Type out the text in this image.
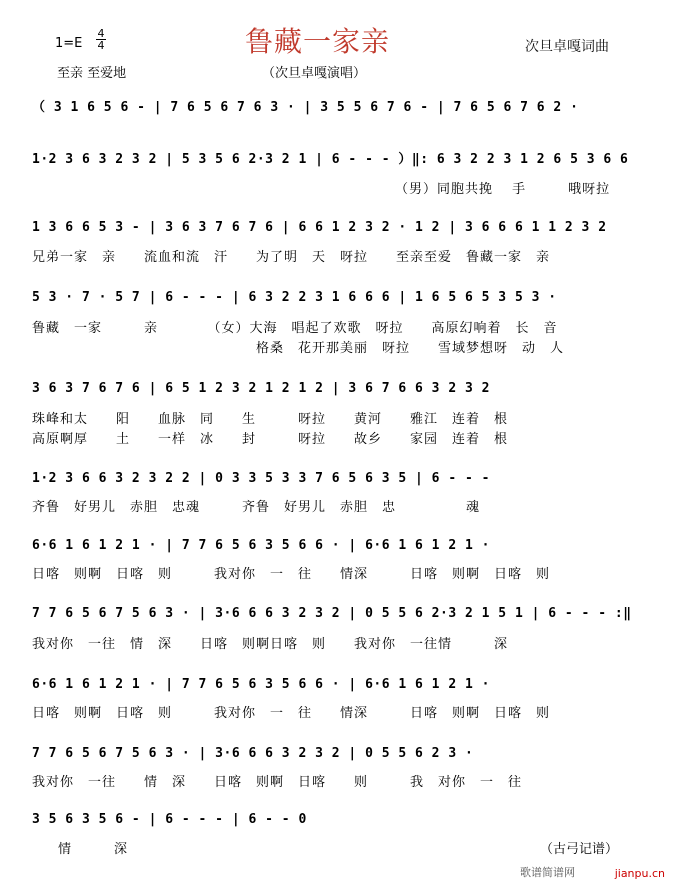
1=E
4
4	鲁藏一家亲	次旦卓嘎词曲
至亲 至爱地	（次旦卓嘎演唱）
（ 3 1 6 5 6 - | 7 6 5 6 7 6 3 · | 3 5 5 6 7 6 - | 7 6 5 6 7 6 2 ·
1·2 3 6 3 2 3 2 | 5 3 5 6 2·3 2 1 | 6 - - - ）‖: 6 3 2 2 3 1 2 6 5 3 6 6
（男）同胞共挽　 手　　　哦呀拉
1 3 6 6 5 3 - | 3 6 3 7 6 7 6 | 6 6 1 2 3 2 · 1 2 | 3 6 6 6 1 1 2 3 2
兄弟一家　亲　　流血和流　汗　　为了明　天　呀拉　　至亲至爱　鲁藏一家　亲
5 3 · 7 · 5 7 | 6 - - - | 6 3 2 2 3 1 6 6 6 | 1 6 5 6 5 3 5 3 ·
鲁藏　一家　　　亲　　　　（女）大海　唱起了欢歌　呀拉　　高原幻响着　长　音
　　　　　　　　　　　　　　　　格桑　花开那美丽　呀拉　　雪域梦想呀　动　人
3 6 3 7 6 7 6 | 6 5 1 2 3 2 1 2 1 2 | 3 6 7 6 6 3 2 3 2
珠峰和太　　阳　　血脉　同　　生　　　呀拉　　黄河　　雅江　连着　根
高原啊厚　　土　　一样　冰　　封　　　呀拉　　故乡　　家园　连着　根
1·2 3 6 6 3 2 3 2 2 | 0 3 3 5 3 3 7 6 5 6 3 5 | 6 - - -
齐鲁　好男儿　赤胆　忠魂　　　齐鲁　好男儿　赤胆　忠　　　　　魂
6·6 1 6 1 2 1 · | 7 7 6 5 6 3 5 6 6 · | 6·6 1 6 1 2 1 ·
日喀　则啊　日喀　则　　　我对你　一　往　　情深　　　日喀　则啊　日喀　则
7 7 6 5 6 7 5 6 3 · | 3·6 6 6 3 2 3 2 | 0 5 5 6 2·3 2 1 5 1 | 6 - - - :‖
我对你　一往　情　深　　日喀　则啊日喀　则　　我对你　一往情　　　深
6·6 1 6 1 2 1 · | 7 7 6 5 6 3 5 6 6 · | 6·6 1 6 1 2 1 ·
日喀　则啊　日喀　则　　　我对你　一　往　　情深　　　日喀　则啊　日喀　则
7 7 6 5 6 7 5 6 3 · | 3·6 6 6 3 2 3 2 | 0 5 5 6 2 3 ·
我对你　一往　　情　深　　日喀　则啊　日喀　　则　　　我　对你　一　往
3 5 6 3 5 6 - | 6 - - - | 6 - - 0
情　　　深	（古弓记谱）
歌谱简谱网	jianpu.cn
